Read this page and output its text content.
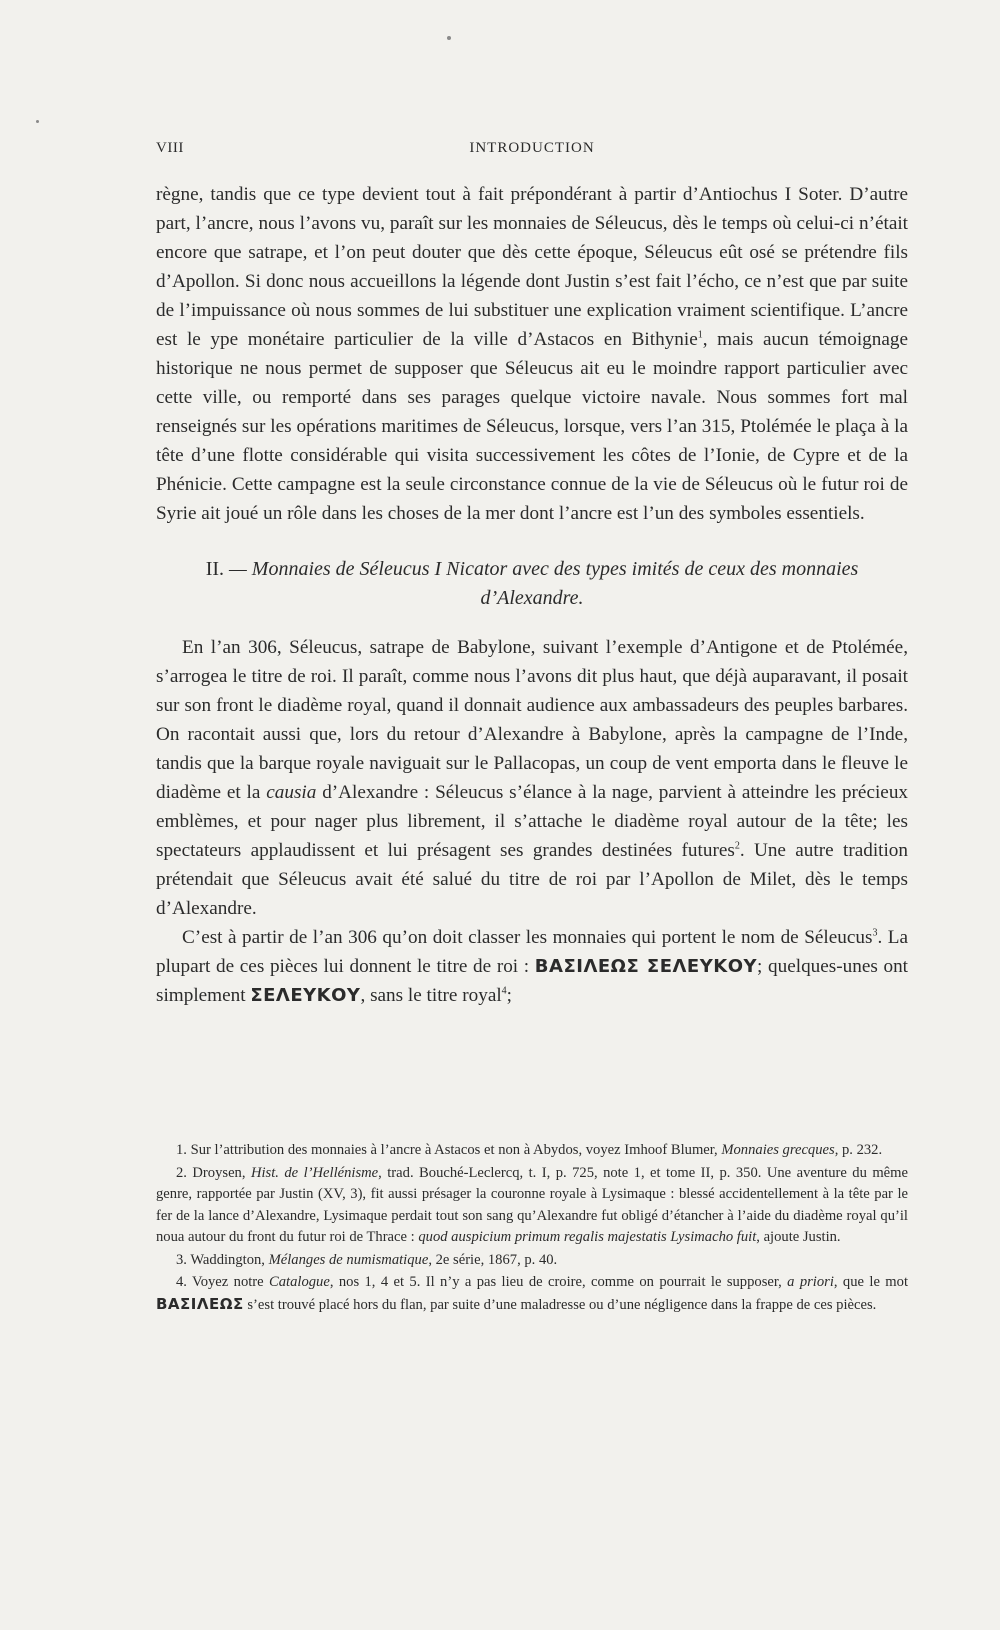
VIII	INTRODUCTION

règne, tandis que ce type devient tout à fait prépondérant à partir d’Antiochus I Soter. D’autre part, l’ancre, nous l’avons vu, paraît sur les monnaies de Séleucus, dès le temps où celui-ci n’était encore que satrape, et l’on peut douter que dès cette époque, Séleucus eût osé se prétendre fils d’Apollon. Si donc nous accueillons la légende dont Justin s’est fait l’écho, ce n’est que par suite de l’impuissance où nous sommes de lui substituer une explication vraiment scientifique. L’ancre est le ype monétaire particulier de la ville d’Astacos en Bithynie$^1$, mais aucun témoignage historique ne nous permet de supposer que Séleucus ait eu le moindre rapport particulier avec cette ville, ou remporté dans ses parages quelque victoire navale. Nous sommes fort mal renseignés sur les opérations maritimes de Séleucus, lorsque, vers l’an 315, Ptolémée le plaça à la tête d’une flotte considérable qui visita successivement les côtes de l’Ionie, de Cypre et de la Phénicie. Cette campagne est la seule circonstance connue de la vie de Séleucus où le futur roi de Syrie ait joué un rôle dans les choses de la mer dont l’ancre est l’un des symboles essentiels.

II. — Monnaies de Séleucus I Nicator avec des types imités de ceux des monnaies d’Alexandre.

En l’an 306, Séleucus, satrape de Babylone, suivant l’exemple d’Antigone et de Ptolémée, s’arrogea le titre de roi. Il paraît, comme nous l’avons dit plus haut, que déjà auparavant, il posait sur son front le diadème royal, quand il donnait audience aux ambassadeurs des peuples barbares. On racontait aussi que, lors du retour d’Alexandre à Babylone, après la campagne de l’Inde, tandis que la barque royale naviguait sur le Pallacopas, un coup de vent emporta dans le fleuve le diadème et la causia d’Alexandre : Séleucus s’élance à la nage, parvient à atteindre les précieux emblèmes, et pour nager plus librement, il s’attache le diadème royal autour de la tête; les spectateurs applaudissent et lui présagent ses grandes destinées futures$^2$. Une autre tradition prétendait que Séleucus avait été salué du titre de roi par l’Apollon de Milet, dès le temps d’Alexandre.

C’est à partir de l’an 306 qu’on doit classer les monnaies qui portent le nom de Séleucus$^3$. La plupart de ces pièces lui donnent le titre de roi : ΒΑΣΙΛΕΩΣ ΣΕΛΕΥΚΟΥ; quelques-unes ont simplement ΣΕΛΕΥΚΟΥ, sans le titre royal$^4$;

1. Sur l’attribution des monnaies à l’ancre à Astacos et non à Abydos, voyez Imhoof Blumer, Monnaies grecques, p. 232.

2. Droysen, Hist. de l’Hellénisme, trad. Bouché-Leclercq, t. I, p. 725, note 1, et tome II, p. 350. Une aventure du même genre, rapportée par Justin (XV, 3), fit aussi présager la couronne royale à Lysimaque : blessé accidentellement à la tête par le fer de la lance d’Alexandre, Lysimaque perdait tout son sang qu’Alexandre fut obligé d’étancher à l’aide du diadème royal qu’il noua autour du front du futur roi de Thrace : quod auspicium primum regalis majestatis Lysimacho fuit, ajoute Justin.

3. Waddington, Mélanges de numismatique, 2e série, 1867, p. 40.

4. Voyez notre Catalogue, nos 1, 4 et 5. Il n’y a pas lieu de croire, comme on pourrait le supposer, a priori, que le mot ΒΑΣΙΛΕΩΣ s’est trouvé placé hors du flan, par suite d’une maladresse ou d’une négligence dans la frappe de ces pièces.
